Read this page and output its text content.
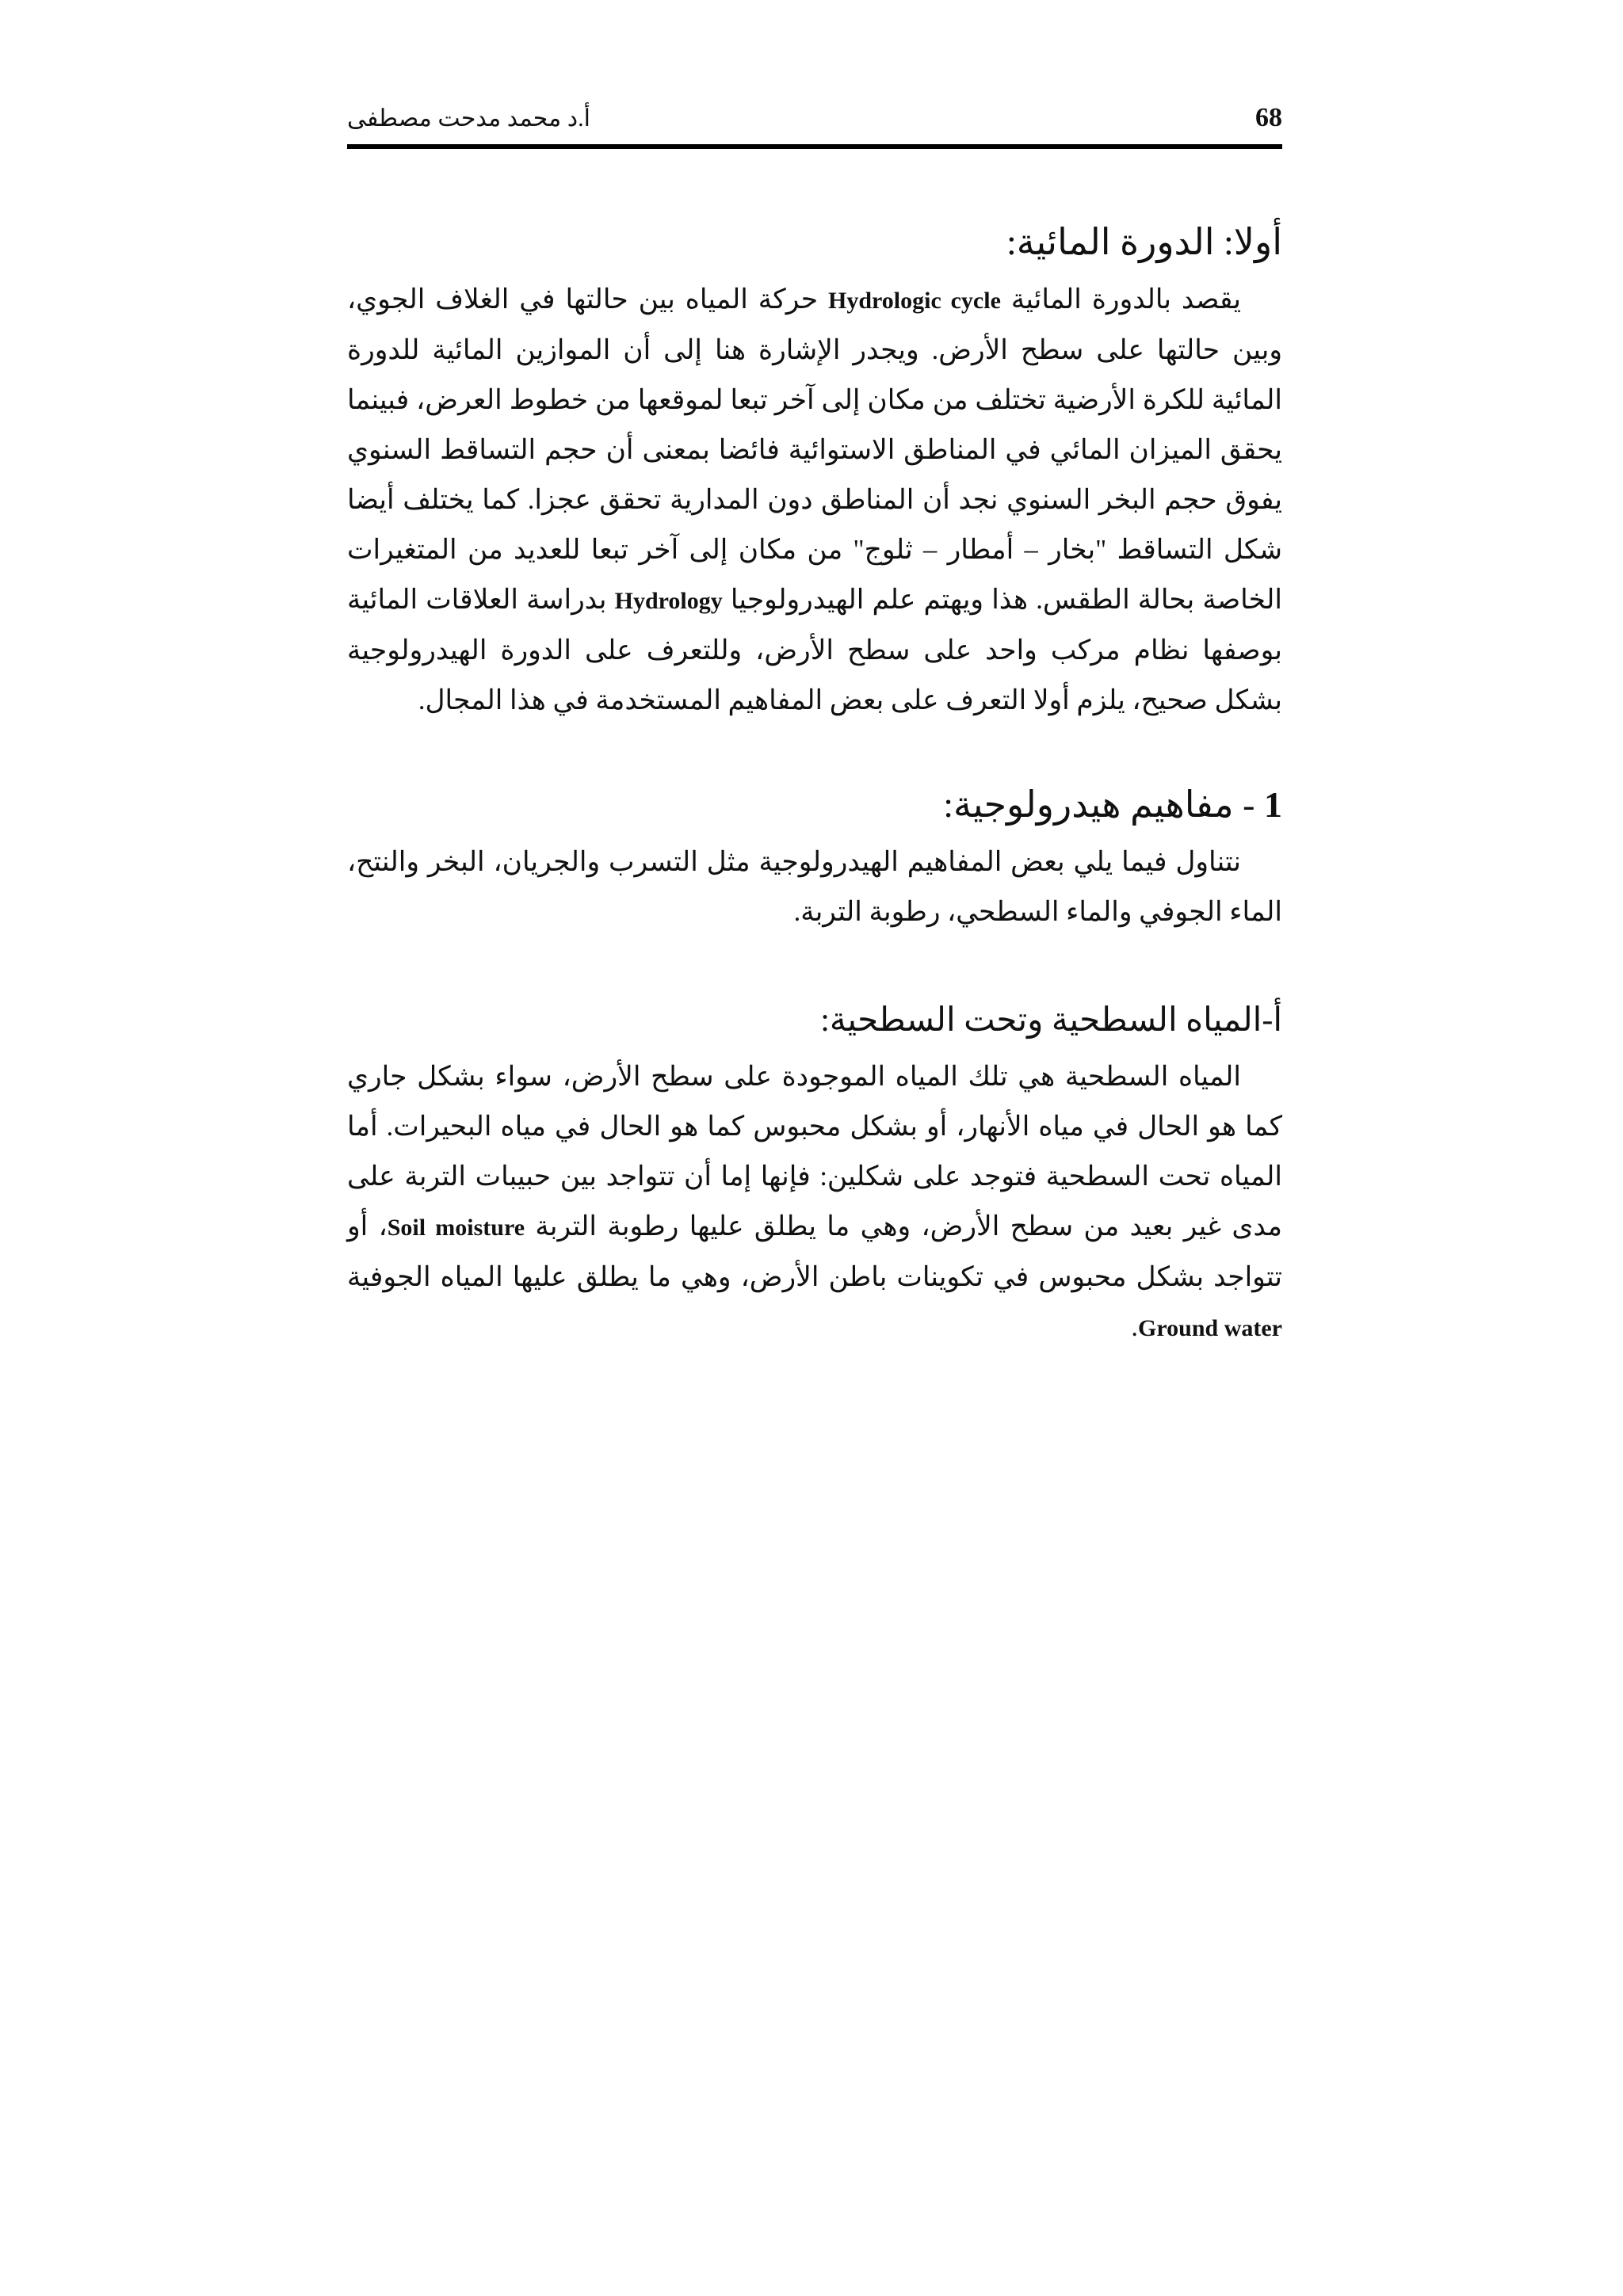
68
أ.د محمد مدحت مصطفى
أولا: الدورة المائية:

يقصد بالدورة المائية Hydrologic cycle حركة المياه بين حالتها في الغلاف الجوي، وبين حالتها على سطح الأرض. ويجدر الإشارة هنا إلى أن الموازين المائية للدورة المائية للكرة الأرضية تختلف من مكان إلى آخر تبعا لموقعها من خطوط العرض، فبينما يحقق الميزان المائي في المناطق الاستوائية فائضا بمعنى أن حجم التساقط السنوي يفوق حجم البخر السنوي نجد أن المناطق دون المدارية تحقق عجزا. كما يختلف أيضا شكل التساقط "بخار – أمطار – ثلوج" من مكان إلى آخر تبعا للعديد من المتغيرات الخاصة بحالة الطقس. هذا ويهتم علم الهيدرولوجيا Hydrology بدراسة العلاقات المائية بوصفها نظام مركب واحد على سطح الأرض، وللتعرف على الدورة الهيدرولوجية بشكل صحيح، يلزم أولا التعرف على بعض المفاهيم المستخدمة في هذا المجال.

1 - مفاهيم هيدرولوجية:

نتناول فيما يلي بعض المفاهيم الهيدرولوجية مثل التسرب والجريان، البخر والنتح، الماء الجوفي والماء السطحي، رطوبة التربة.

أ-المياه السطحية وتحت السطحية:

المياه السطحية هي تلك المياه الموجودة على سطح الأرض، سواء بشكل جاري كما هو الحال في مياه الأنهار، أو بشكل محبوس كما هو الحال في مياه البحيرات. أما المياه تحت السطحية فتوجد على شكلين: فإنها إما أن تتواجد بين حبيبات التربة على مدى غير بعيد من سطح الأرض، وهي ما يطلق عليها رطوبة التربة Soil moisture، أو تتواجد بشكل محبوس في تكوينات باطن الأرض، وهي ما يطلق عليها المياه الجوفية Ground water.
